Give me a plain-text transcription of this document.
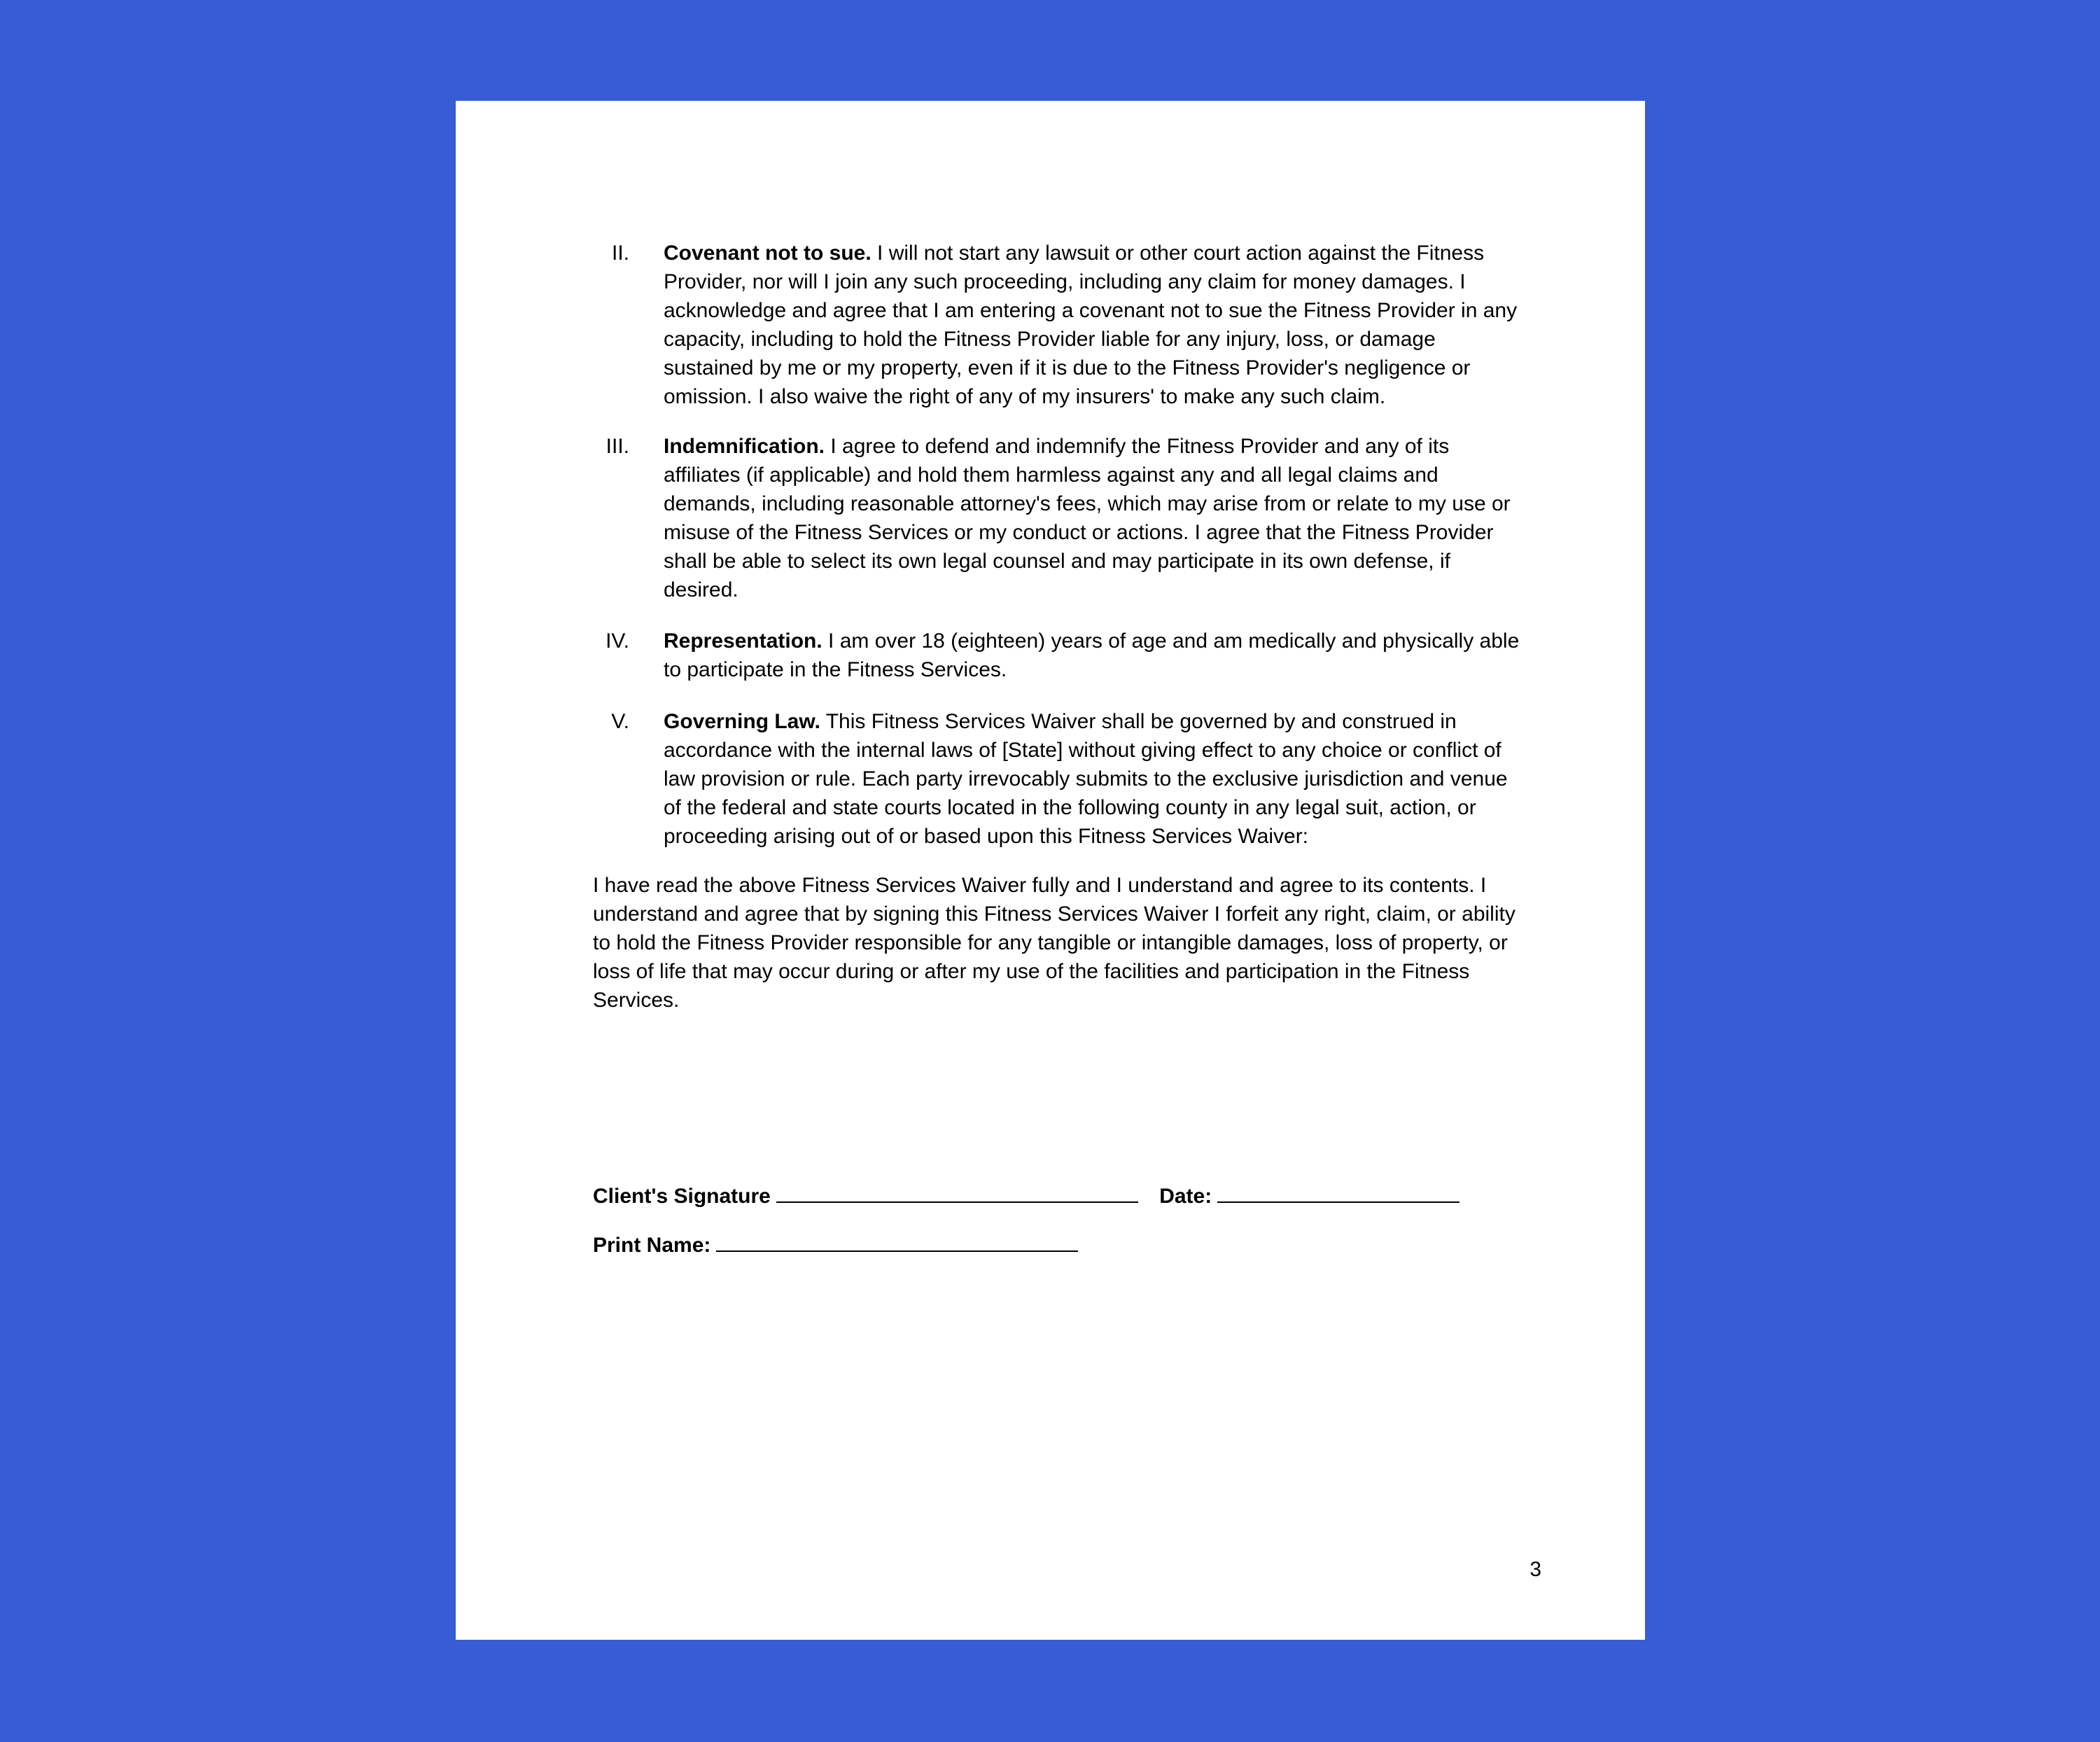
II. Covenant not to sue. I will not start any lawsuit or other court action against the Fitness Provider, nor will I join any such proceeding, including any claim for money damages. I acknowledge and agree that I am entering a covenant not to sue the Fitness Provider in any capacity, including to hold the Fitness Provider liable for any injury, loss, or damage sustained by me or my property, even if it is due to the Fitness Provider's negligence or omission. I also waive the right of any of my insurers' to make any such claim.
III. Indemnification. I agree to defend and indemnify the Fitness Provider and any of its affiliates (if applicable) and hold them harmless against any and all legal claims and demands, including reasonable attorney's fees, which may arise from or relate to my use or misuse of the Fitness Services or my conduct or actions. I agree that the Fitness Provider shall be able to select its own legal counsel and may participate in its own defense, if desired.
IV. Representation. I am over 18 (eighteen) years of age and am medically and physically able to participate in the Fitness Services.
V. Governing Law. This Fitness Services Waiver shall be governed by and construed in accordance with the internal laws of [State] without giving effect to any choice or conflict of law provision or rule. Each party irrevocably submits to the exclusive jurisdiction and venue of the federal and state courts located in the following county in any legal suit, action, or proceeding arising out of or based upon this Fitness Services Waiver:
I have read the above Fitness Services Waiver fully and I understand and agree to its contents. I understand and agree that by signing this Fitness Services Waiver I forfeit any right, claim, or ability to hold the Fitness Provider responsible for any tangible or intangible damages, loss of property, or loss of life that may occur during or after my use of the facilities and participation in the Fitness Services.
Client's Signature	Date:
Print Name:
3
